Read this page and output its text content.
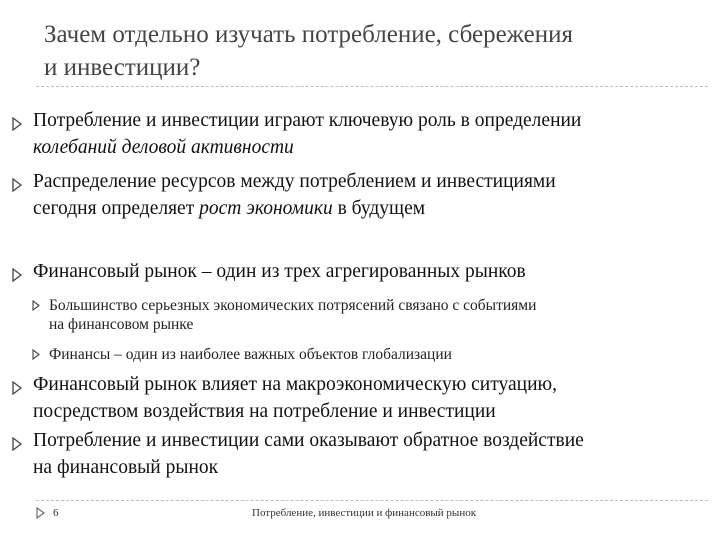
Зачем отдельно изучать потребление, сбережения
и инвестиции?
Потребление и инвестиции играют ключевую роль в определении
колебаний деловой активности
Распределение ресурсов между потреблением и инвестициями
сегодня определяет рост экономики в будущем
Финансовый рынок – один из трех агрегированных рынков
Большинство серьезных экономических потрясений связано с событиями
на финансовом рынке
Финансы – один из наиболее важных объектов глобализации
Финансовый рынок влияет на макроэкономическую ситуацию,
посредством воздействия на потребление и инвестиции
Потребление и инвестиции сами оказывают обратное воздействие
на финансовый рынок
6	Потребление, инвестиции и финансовый рынок
